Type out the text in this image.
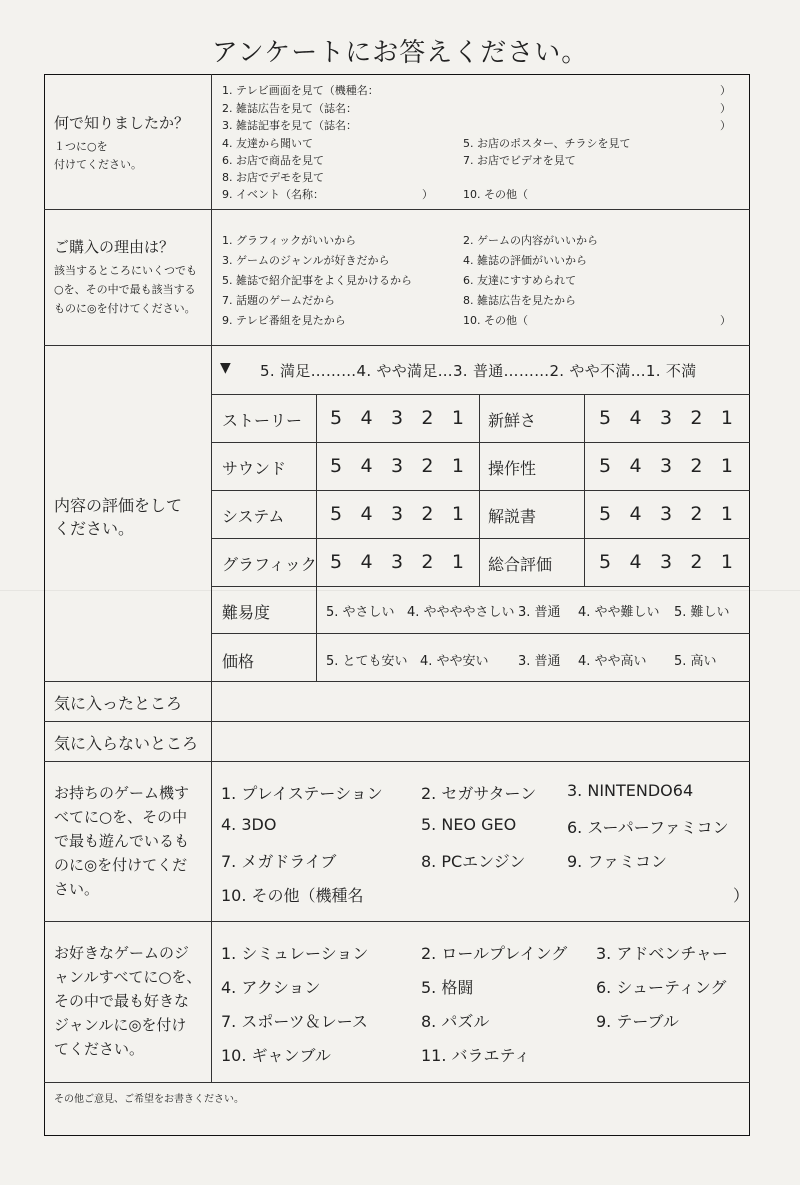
アンケートにお答えください。
何で知りましたか？
１つに○を
付けてください。
1. テレビ画面を見て（機種名：	）
2. 雑誌広告を見て（誌名：	）
3. 雑誌記事を見て（誌名：	）
4. 友達から聞いて	5. お店のポスター、チラシを見て
6. お店で商品を見て	7. お店でビデオを見て
8. お店でデモを見て
9. イベント（名称：	）	10. その他（
ご購入の理由は？
該当するところにいくつでも
○を、その中で最も該当する
ものに◎を付けてください。
1. グラフィックがいいから	2. ゲームの内容がいいから
3. ゲームのジャンルが好きだから	4. 雑誌の評価がいいから
5. 雑誌で紹介記事をよく見かけるから	6. 友達にすすめられて
7. 話題のゲームだから	8. 雑誌広告を見たから
9. テレビ番組を見たから	10. その他（	）
内容の評価をして
ください。
▼ 5. 満足………4. やや満足…3. 普通………2. やや不満…1. 不満
ストーリー 5 4 3 2 1 新鮮さ	5 4 3 2 1
サウンド 5 4 3 2 1 操作性	5 4 3 2 1
システム 5 4 3 2 1 解説書	5 4 3 2 1
グラフィック 5 4 3 2 1 総合評価 5 4 3 2 1
難易度	5. やさしい 4. ややややさしい 3. 普通 4. やや難しい 5. 難しい
価格	5. とても安い 4. やや安い 3. 普通 4. やや高い 5. 高い
気に入ったところ
気に入らないところ
お持ちのゲーム機す
べてに○を、その中
で最も遊んでいるも
のに◎を付けてくだ
さい。
1. プレイステーション 2. セガサターン 3. NINTENDO64
4. 3DO	5. NEO GEO	6. スーパーファミコン
7. メガドライブ	8. PCエンジン	9. ファミコン
10. その他（機種名	）
お好きなゲームのジ
ャンルすべてに○を、
その中で最も好きな
ジャンルに◎を付け
てください。
1. シミュレーション	2. ロールプレイング 3. アドベンチャー
4. アクション	5. 格闘	6. シューティング
7. スポーツ＆レース	8. パズル	9. テーブル
10. ギャンブル	11. バラエティ
その他ご意見、ご希望をお書きください。
